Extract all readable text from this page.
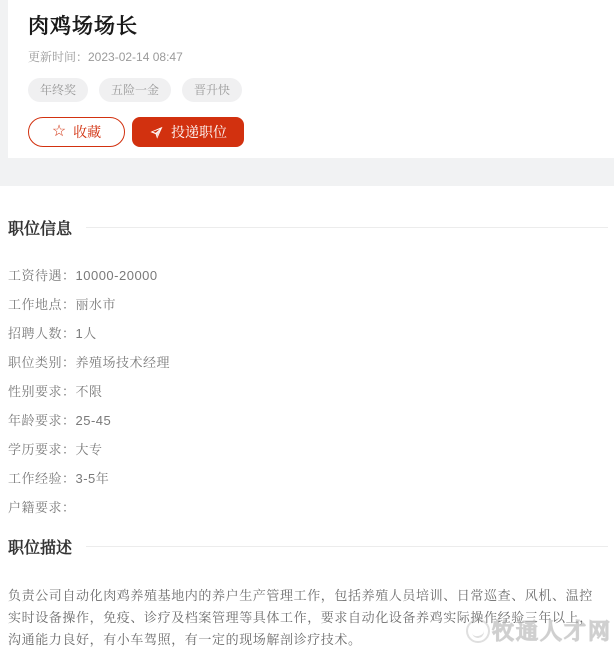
肉鸡场场长
更新时间：2023-02-14 08:47
年终奖	五险一金	晋升快
☆ 收藏	投递职位
职位信息
工资待遇：10000-20000
工作地点：丽水市
招聘人数：1人
职位类别：养殖场技术经理
性别要求：不限
年龄要求：25-45
学历要求：大专
工作经验：3-5年
户籍要求：
职位描述
负责公司自动化肉鸡养殖基地内的养户生产管理工作，包括养殖人员培训、日常巡查、风机、温控实时设备操作，免疫、诊疗及档案管理等具体工作，要求自动化设备养鸡实际操作经验三年以上，沟通能力良好，有小车驾照，有一定的现场解剖诊疗技术。
